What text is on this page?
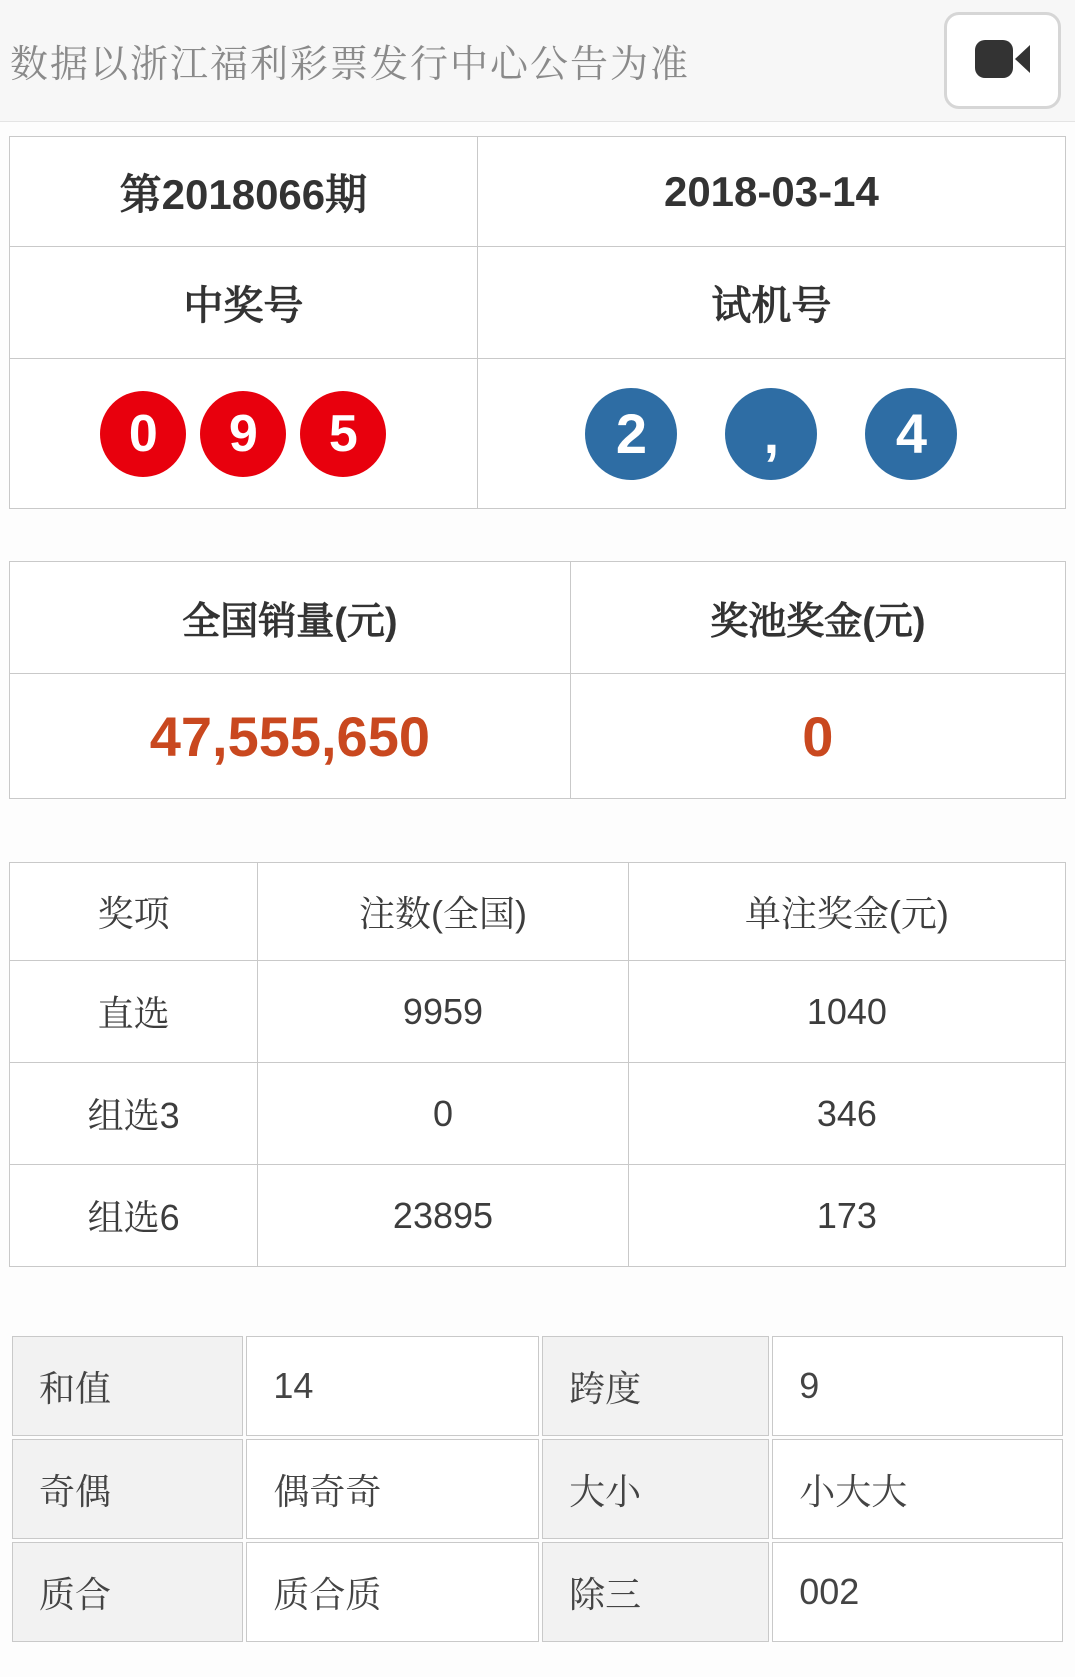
数据以浙江福利彩票发行中心公告为准
第2018066期	2018-03-14
中奖号	试机号

0 9 5	2 , 4
全国销量(元)	奖池奖金(元)
47,555,650	0
奖项	注数(全国)	单注奖金(元)
直选	9959	1040
组选3	0	346
组选6	23895	173
和值	14	跨度	9
奇偶	偶奇奇	大小	小大大
质合	质合质	除三	002
